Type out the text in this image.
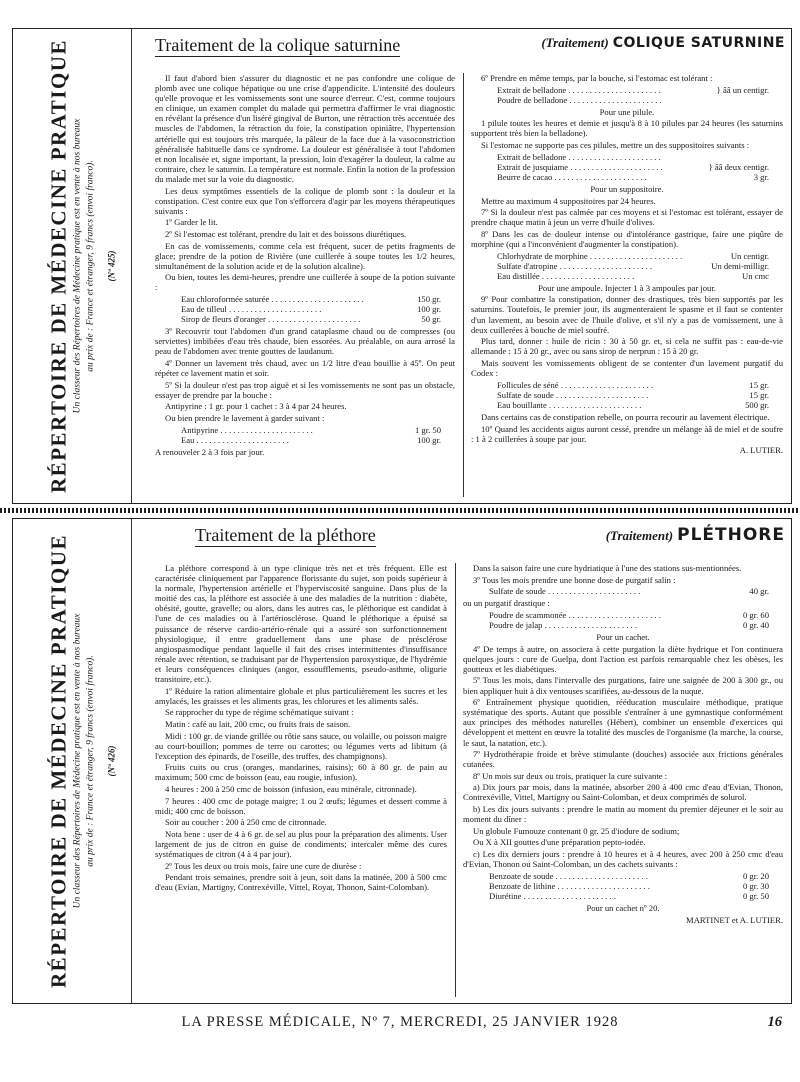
RÉPERTOIRE DE MÉDECINE PRATIQUE Un classeur des Répertoires de Médecine pratique est en vente à nos bureaux au prix de : France et étranger, 9 francs (envoi franco). (Nº 425)
Traitement de la colique saturnine	(Traitement) COLIQUE SATURNINE

Il faut d'abord bien s'assurer du diagnostic et ne pas confondre une colique de plomb avec une colique hépatique ou une crise d'appendicite. L'intensité des douleurs qu'elle provoque et les vomissements sont une source d'erreur. C'est, comme toujours en clinique, un examen complet du malade qui permettra d'affirmer le vrai diagnostic en révélant la présence d'un liséré gingival de Burton, une rétraction très accentuée des muscles de l'abdomen, la rétraction du foie, la constipation opiniâtre, l'hypertension artérielle qui est toujours très marquée, la pâleur de la face due à la vasoconstriction généralisée habituelle dans ce syndrome. La douleur est généralisée à tout l'abdomen et non localisée et, signe important, la pression, loin d'exagérer la douleur, la calme au contraire, chez le saturnin. La température est normale. Enfin la notion de la profession du malade met sur la voie du diagnostic.

Les deux symptômes essentiels de la colique de plomb sont : la douleur et la constipation. C'est contre eux que l'on s'efforcera d'agir par les moyens thérapeutiques suivants :

1º Garder le lit.

2º Si l'estomac est tolérant, prendre du lait et des boissons diurétiques.

En cas de vomissements, comme cela est fréquent, sucer de petits fragments de glace; prendre de la potion de Rivière (une cuillerée à soupe toutes les 1/2 heures, simultanément de la solution acide et de la solution alcaline).

Ou bien, toutes les demi-heures, prendre une cuillerée à soupe de la potion suivante :

Eau chloroformée saturée . . .	150 gr.
Eau de tilleul . . .	100 gr.
Sirop de fleurs d'oranger . . .	50 gr.

3º Recouvrir tout l'abdomen d'un grand cataplasme chaud ou de compresses (ou serviettes) imbibées d'eau très chaude, bien essorées. Au préalable, on aura arrosé la peau de l'abdomen avec trente gouttes de laudanum.

4º Donner un lavement très chaud, avec un 1/2 litre d'eau bouillie à 45º. On peut répéter ce lavement matin et soir.

5º Si la douleur n'est pas trop aiguë et si les vomissements ne sont pas un obstacle, essayer de prendre par la bouche :

Antipyrine : 1 gr. pour 1 cachet : 3 à 4 par 24 heures.

Ou bien prendre le lavement à garder suivant :

Antipyrine . . .	1 gr. 50
Eau . . .	100 gr.

A renouveler 2 à 3 fois par jour.

6º Prendre en même temps, par la bouche, si l'estomac est tolérant :

Extrait de belladone . . .	} ââ un centigr.
Poudre de belladone . . .

Pour une pilule.

1 pilule toutes les heures et demie et jusqu'à 8 à 10 pilules par 24 heures (les saturnins supportent très bien la belladone).

Si l'estomac ne supporte pas ces pilules, mettre un des suppositoires suivants :

Extrait de belladone . . .
Extrait de jusquiame . . .	} ââ deux centigr.
Beurre de cacao . . .	3 gr.

Pour un suppositoire.

Mettre au maximum 4 suppositoires par 24 heures.

7º Si la douleur n'est pas calmée par ces moyens et si l'estomac est tolérant, essayer de prendre chaque matin à jeun un verre d'huile d'olives.

8º Dans les cas de douleur intense ou d'intolérance gastrique, faire une piqûre de morphine (qui a l'inconvénient d'augmenter la constipation).

Chlorhydrate de morphine . . .	Un centigr.
Sulfate d'atropine . . .	Un demi-milligr.
Eau distillée . . .	Un cmc

Pour une ampoule. Injecter 1 à 3 ampoules par jour.

9º Pour combattre la constipation, donner des drastiques, très bien supportés par les saturnins. Toutefois, le premier jour, ils augmenteraient le spasme et il faut se contenter d'un lavement, au besoin avec de l'huile d'olive, et s'il n'y a pas de vomissement, une à deux cuillerées à bouche de miel soufré.

Plus tard, donner : huile de ricin : 30 à 50 gr. et, si cela ne suffit pas : eau-de-vie allemande : 15 à 20 gr., avec ou sans sirop de nerprun : 15 à 20 gr.

Mais souvent les vomissements obligent de se contenter d'un lavement purgatif du Codex :

Follicules de séné . . .	15 gr.
Sulfate de soude . . .	15 gr.
Eau bouillante . . .	500 gr.

Dans certains cas de constipation rebelle, on pourra recourir au lavement électrique.

10º Quand les accidents aigus auront cessé, prendre un mélange àâ de miel et de soufre : 1 à 2 cuillerées à soupe par jour.

A. LUTIER.

RÉPERTOIRE DE MÉDECINE PRATIQUE Un classeur des Répertoires de Médecine pratique est en vente à nos bureaux au prix de : France et étranger, 9 francs (envoi franco). (Nº 426)
Traitement de la pléthore	(Traitement) PLÉTHORE

La pléthore correspond à un type clinique très net et très fréquent. Elle est caractérisée cliniquement par l'apparence florissante du sujet, son poids supérieur à la normale, l'hypertension artérielle et l'hyperviscosité sanguine. Dans plus de la moitié des cas, la pléthore est associée à une des maladies de la nutrition : diabète, obésité, goutte, gravelle; ou alors, dans les autres cas, le pléthorique est candidat à l'une de ces maladies ou à l'artériosclérose. Quand le pléthorique a épuisé sa puissance de réserve cardio-artério-rénale qui a assuré son surfonctionnement physiologique, il entre graduellement dans une phase de présclérose angiospasmodique pendant laquelle il fait des crises intermittentes d'insuffisance rénale avec rétention, se traduisant par de l'hypertension paroxystique, de l'hydrémie et leurs conséquences cliniques (angor, essoufflements, pseudo-asthme, oligurie transitoire, etc.).

1º Réduire la ration alimentaire globale et plus particulièrement les sucres et les amylacés, les graisses et les aliments gras, les chlorures et les aliments salés.

Se rapprocher du type de régime schématique suivant :

Matin : café au lait, 200 cmc, ou fruits frais de saison.

Midi : 100 gr. de viande grillée ou rôtie sans sauce, ou volaille, ou poisson maigre au court-bouillon; pommes de terre ou carottes; ou légumes verts ad libitum (à l'exception des épinards, de l'oseille, des truffes, des champignons).

Fruits cuits ou crus (oranges, mandarines, raisins); 60 à 80 gr. de pain au maximum; 500 cmc de boisson (eau, eau rougie, infusion).

4 heures : 200 à 250 cmc de boisson (infusion, eau minérale, citronnade).

7 heures : 400 cmc de potage maigre; 1 ou 2 œufs; légumes et dessert comme à midi; 400 cmc de boisson.

Soir au coucher : 200 à 250 cmc de citronnade.

Nota bene : user de 4 à 6 gr. de sel au plus pour la préparation des aliments. User largement de jus de citron en guise de condiments; intercaler même des cures systématiques de citron (4 à 4 par jour).

2º Tous les deux ou trois mois, faire une cure de diurèse :

Pendant trois semaines, prendre soit à jeun, soit dans la matinée, 200 à 500 cmc d'eau (Evian, Martigny, Contrexéville, Vittel, Royat, Thonon, Saint-Colomban).

Dans la saison faire une cure hydriatique à l'une des stations sus-mentionnées.

3º Tous les mois prendre une bonne dose de purgatif salin :

Sulfate de soude . . .	40 gr.

ou un purgatif drastique :

Poudre de scammonée . . .	0 gr. 60
Poudre de jalap . . .	0 gr. 40

Pour un cachet.

4º De temps à autre, on associera à cette purgation la diète hydrique et l'on continuera quelques jours : cure de Guelpa, dont l'action est parfois remarquable chez les obèses, les goutteux et les diabétiques.

5º Tous les mois, dans l'intervalle des purgations, faire une saignée de 200 à 300 gr., ou bien appliquer huit à dix ventouses scarifiées, au-dessous de la nuque.

6º Entraînement physique quotidien, rééducation musculaire méthodique, pratique systématique des sports. Autant que possible s'entraîner à une gymnastique conformément aux principes des méthodes naturelles (Hébert), combiner un ensemble d'exercices qui développent et mettent en œuvre la totalité des muscles de l'organisme (la marche, la course, le saut, la natation, etc.).

7º Hydrothérapie froide et brève stimulante (douches) associée aux frictions générales cutanées.

8º Un mois sur deux ou trois, pratiquer la cure suivante :

a) Dix jours par mois, dans la matinée, absorber 200 à 400 cmc d'eau d'Evian, Thonon, Contrexéville, Vittel, Martigny ou Saint-Colomban, et deux comprimés de solurol.

b) Les dix jours suivants : prendre le matin au moment du premier déjeuner et le soir au moment du dîner :

Un globule Fumouze contenant 0 gr. 25 d'iodure de sodium;

Ou X à XII gouttes d'une préparation pepto-iodée.

c) Les dix derniers jours : prendre à 10 heures et à 4 heures, avec 200 à 250 cmc d'eau d'Evian, Thonon ou Saint-Colomban, un des cachets suivants :

Benzoate de soude . . .	0 gr. 20
Benzoate de lithine . . .	0 gr. 30
Diurétine . . .	0 gr. 50

Pour un cachet nº 20.

MARTINET et A. LUTIER.

LA PRESSE MÉDICALE, Nº 7, MERCREDI, 25 JANVIER 1928	16
